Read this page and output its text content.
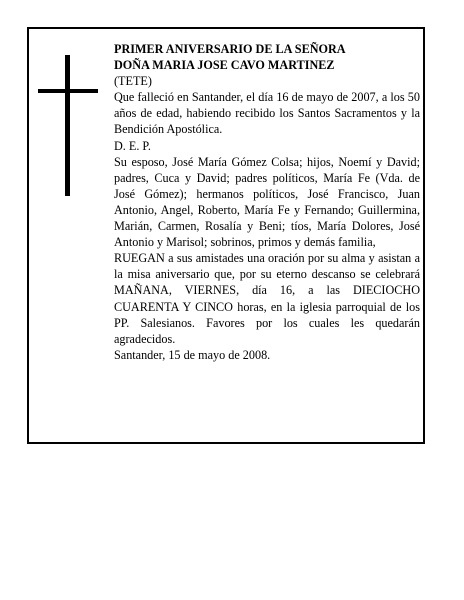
PRIMER ANIVERSARIO DE LA SEÑORA

DOÑA MARIA JOSE CAVO MARTINEZ

(TETE)

Que falleció en Santander, el día 16 de mayo de 2007, a los 50 años de edad, habiendo recibido los Santos Sacramentos y la Bendición Apostólica.

D. E. P.

Su esposo, José María Gómez Colsa; hijos, Noemí y David; padres, Cuca y David; padres políticos, María Fe (Vda. de José Gómez); hermanos políticos, José Francisco, Juan Antonio, Angel, Roberto, María Fe y Fernando; Guillermina, Marián, Carmen, Rosalía y Beni; tíos, María Dolores, José Antonio y Marisol; sobrinos, primos y demás familia,

RUEGAN a sus amistades una oración por su alma y asistan a la misa aniversario que, por su eterno descanso se celebrará MAÑANA, VIERNES, día 16, a las DIECIOCHO CUARENTA Y CINCO horas, en la iglesia parroquial de los PP. Salesianos. Favores por los cuales les quedarán agradecidos.

Santander, 15 de mayo de 2008.
